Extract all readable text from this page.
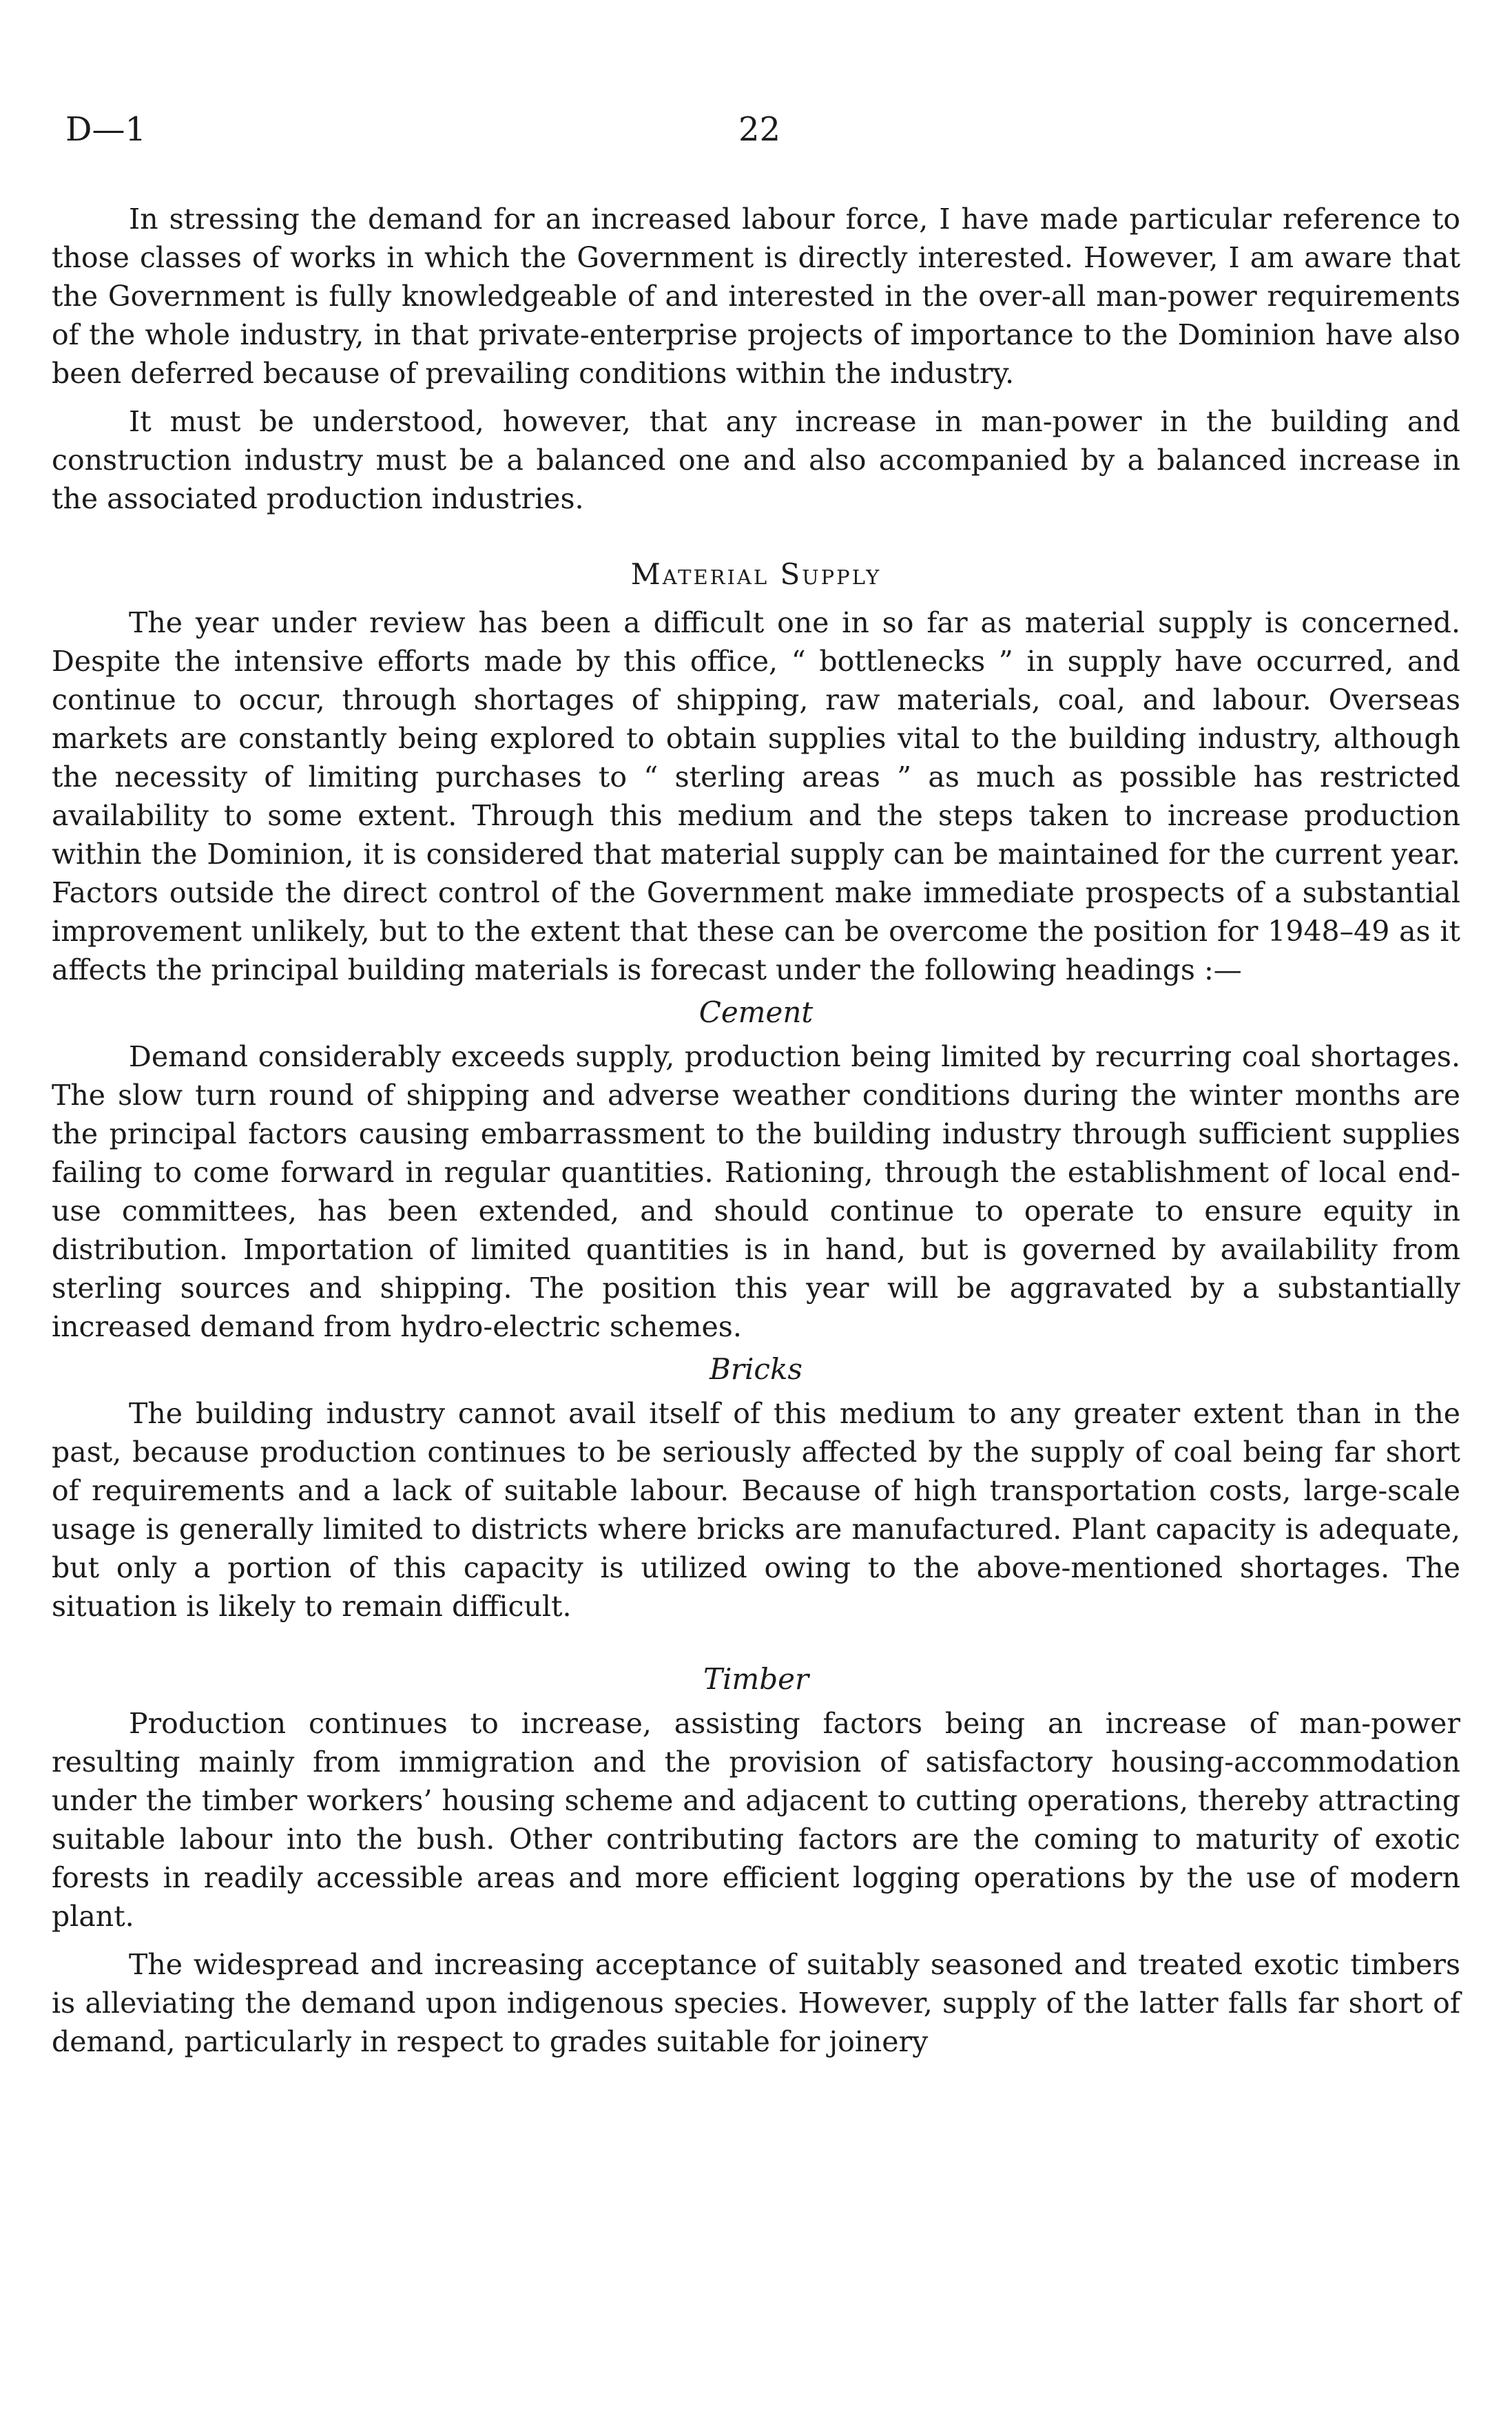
D—1	22

In stressing the demand for an increased labour force, I have made particular reference to those classes of works in which the Government is directly interested. However, I am aware that the Government is fully knowledgeable of and interested in the over-all man-power requirements of the whole industry, in that private-enterprise projects of importance to the Dominion have also been deferred because of prevailing conditions within the industry.

It must be understood, however, that any increase in man-power in the building and construction industry must be a balanced one and also accompanied by a balanced increase in the associated production industries.

Material Supply

The year under review has been a difficult one in so far as material supply is concerned. Despite the intensive efforts made by this office, “ bottlenecks ” in supply have occurred, and continue to occur, through shortages of shipping, raw materials, coal, and labour. Overseas markets are constantly being explored to obtain supplies vital to the building industry, although the necessity of limiting purchases to “ sterling areas ” as much as possible has restricted availability to some extent. Through this medium and the steps taken to increase production within the Dominion, it is considered that material supply can be maintained for the current year. Factors outside the direct control of the Government make immediate prospects of a substantial improvement unlikely, but to the extent that these can be overcome the position for 1948–49 as it affects the principal building materials is forecast under the following headings :—

Cement

Demand considerably exceeds supply, production being limited by recurring coal shortages. The slow turn round of shipping and adverse weather conditions during the winter months are the principal factors causing embarrassment to the building industry through sufficient supplies failing to come forward in regular quantities. Rationing, through the establishment of local end-use committees, has been extended, and should continue to operate to ensure equity in distribution. Importation of limited quantities is in hand, but is governed by availability from sterling sources and shipping. The position this year will be aggravated by a substantially increased demand from hydro-electric schemes.

Bricks

The building industry cannot avail itself of this medium to any greater extent than in the past, because production continues to be seriously affected by the supply of coal being far short of requirements and a lack of suitable labour. Because of high transportation costs, large-scale usage is generally limited to districts where bricks are manufactured. Plant capacity is adequate, but only a portion of this capacity is utilized owing to the above-mentioned shortages. The situation is likely to remain difficult.

Timber

Production continues to increase, assisting factors being an increase of man-power resulting mainly from immigration and the provision of satisfactory housing-accommodation under the timber workers’ housing scheme and adjacent to cutting operations, thereby attracting suitable labour into the bush. Other contributing factors are the coming to maturity of exotic forests in readily accessible areas and more efficient logging operations by the use of modern plant.

The widespread and increasing acceptance of suitably seasoned and treated exotic timbers is alleviating the demand upon indigenous species. However, supply of the latter falls far short of demand, particularly in respect to grades suitable for joinery
